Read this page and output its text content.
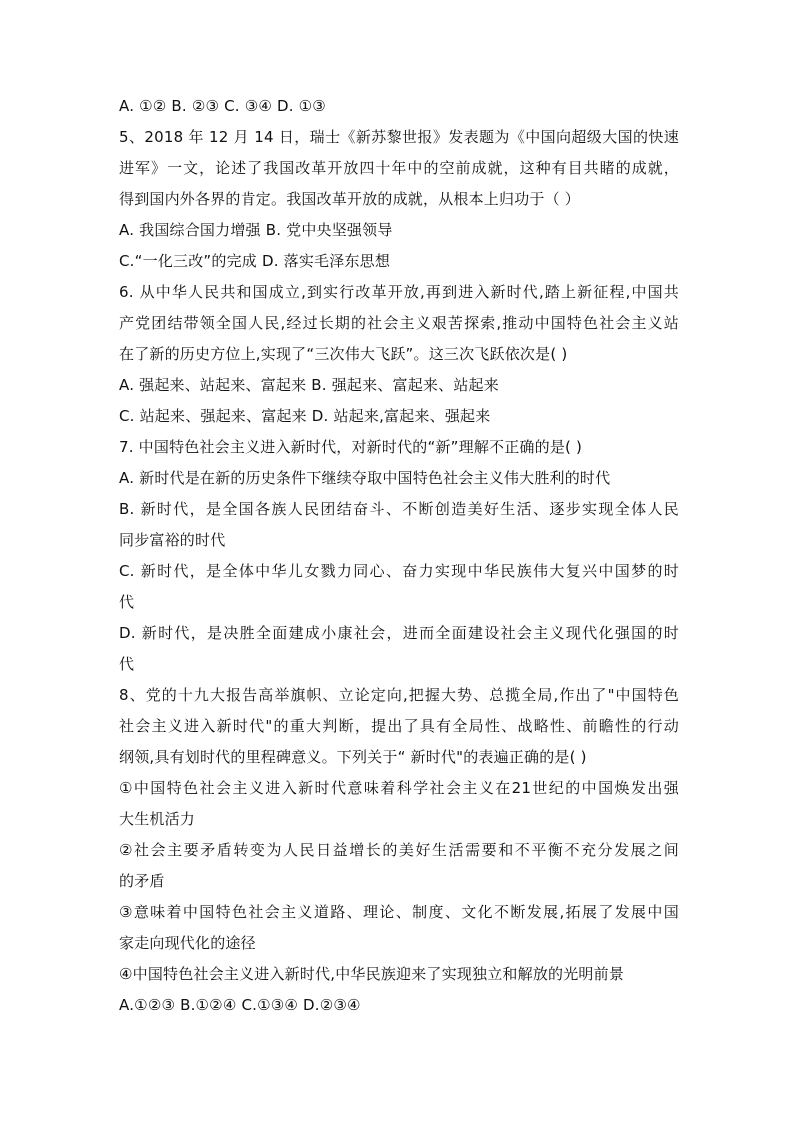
A. ①② B. ②③ C. ③④ D. ①③
5、2018 年 12 月 14 日，瑞士《新苏黎世报》发表题为《中国向超级大国的快速
进军》一文，论述了我国改革开放四十年中的空前成就，这种有目共睹的成就，
得到国内外各界的肯定。我国改革开放的成就，从根本上归功于（ ）
A. 我国综合国力增强 B. 党中央坚强领导
C.“一化三改”的完成 D. 落实毛泽东思想
6. 从中华人民共和国成立,到实行改革开放,再到进入新时代,踏上新征程,中国共
产党团结带领全国人民,经过长期的社会主义艰苦探索,推动中国特色社会主义站
在了新的历史方位上,实现了“三次伟大飞跃”。这三次飞跃依次是( )
A. 强起来、站起来、富起来 B. 强起来、富起来、站起来
C. 站起来、强起来、富起来 D. 站起来,富起来、强起来
7. 中国特色社会主义进入新时代，对新时代的“新”理解不正确的是( )
A. 新时代是在新的历史条件下继续夺取中国特色社会主义伟大胜利的时代
B. 新时代，是全国各族人民团结奋斗、不断创造美好生活、逐步实现全体人民
同步富裕的时代
C. 新时代，是全体中华儿女戮力同心、奋力实现中华民族伟大复兴中国梦的时
代
D. 新时代，是决胜全面建成小康社会，进而全面建设社会主义现代化强国的时
代
8、党的十九大报告高举旗帜、立论定向,把握大势、总揽全局,作出了"中国特色
社会主义进入新时代"的重大判断，提出了具有全局性、战略性、前瞻性的行动
纲领,具有划时代的里程碑意义。下列关于“ 新时代"的表遍正确的是( )
①中国特色社会主义进入新时代意味着科学社会主义在21世纪的中国焕发出强
大生机活力
②社会主要矛盾转变为人民日益增长的美好生活需要和不平衡不充分发展之间
的矛盾
③意味着中国特色社会主义道路、理论、制度、文化不断发展,拓展了发展中国
家走向现代化的途径
④中国特色社会主义进入新时代,中华民族迎来了实现独立和解放的光明前景
A.①②③ B.①②④ C.①③④ D.②③④
